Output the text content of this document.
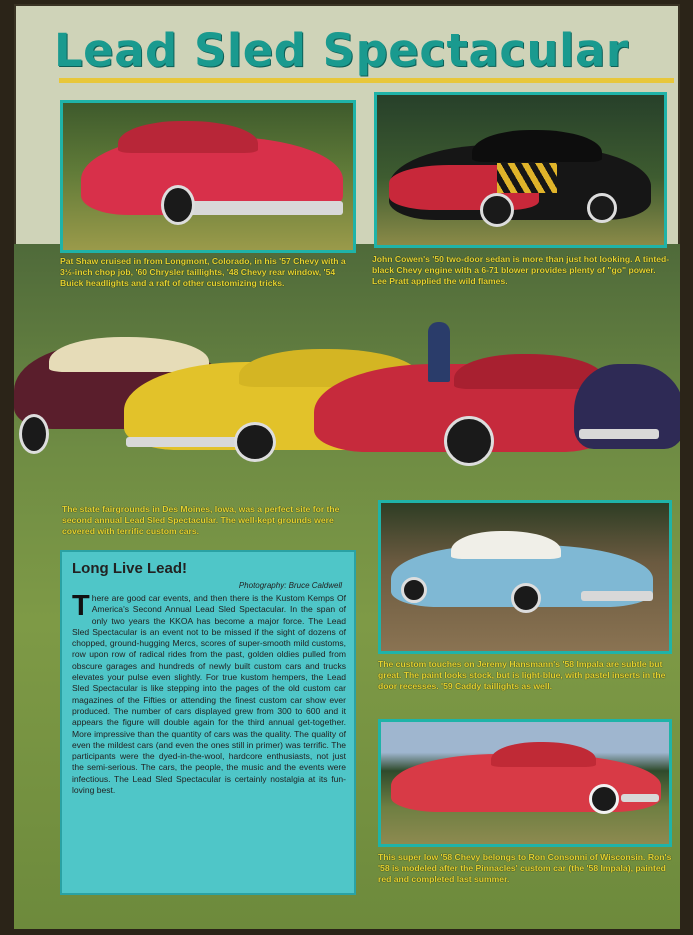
Lead Sled Spectacular
Pat Shaw cruised in from Longmont, Colorado, in his '57 Chevy with a 3½-inch chop job, '60 Chrysler taillights, '48 Chevy rear window, '54 Buick headlights and a raft of other customizing tricks.
John Cowen's '50 two-door sedan is more than just hot looking. A tinted-black Chevy engine with a 6-71 blower provides plenty of "go" power. Lee Pratt applied the wild flames.
The state fairgrounds in Des Moines, Iowa, was a perfect site for the second annual Lead Sled Spectacular. The well-kept grounds were covered with terrific custom cars.
The custom touches on Jeremy Hansmann's '58 Impala are subtle but great. The paint looks stock, but is light-blue, with pastel inserts in the door recesses. '59 Caddy taillights as well.
This super low '58 Chevy belongs to Ron Consonni of Wisconsin. Ron's '58 is modeled after the Pinnacles' custom car (the '58 Impala), painted red and completed last summer.
Long Live Lead!
Photography: Bruce Caldwell
There are good car events, and then there is the Kustom Kemps Of America's Second Annual Lead Sled Spectacular. In the span of only two years the KKOA has become a major force. The Lead Sled Spectacular is an event not to be missed if the sight of dozens of chopped, ground-hugging Mercs, scores of super-smooth mild customs, row upon row of radical rides from the past, golden oldies pulled from obscure garages and hundreds of newly built custom cars and trucks elevates your pulse even slightly. For true kustom hempers, the Lead Sled Spectacular is like stepping into the pages of the old custom car magazines of the Fifties or attending the finest custom car show ever produced. The number of cars displayed grew from 300 to 600 and it appears the figure will double again for the third annual get-together. More impressive than the quantity of cars was the quality. The quality of even the mildest cars (and even the ones still in primer) was terrific. The participants were the dyed-in-the-wool, hardcore enthusiasts, not just the semi-serious. The cars, the people, the music and the events were infectious. The Lead Sled Spectacular is certainly nostalgia at its fun-loving best.
